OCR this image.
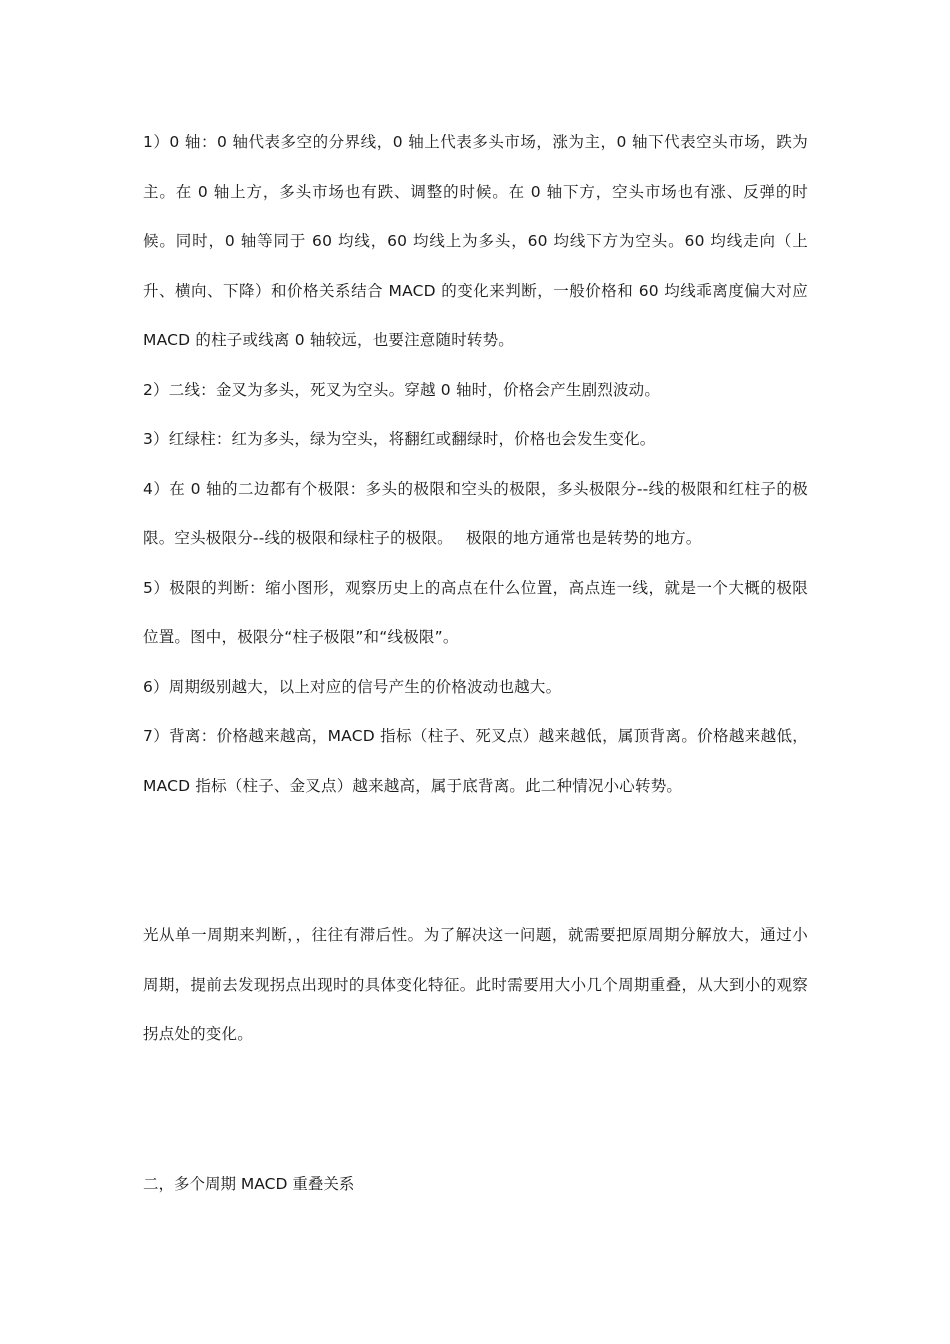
1）0 轴：0 轴代表多空的分界线，0 轴上代表多头市场，涨为主，0 轴下代表空头市场，跌为主。在 0 轴上方，多头市场也有跌、调整的时候。在 0 轴下方，空头市场也有涨、反弹的时候。同时，0 轴等同于 60 均线，60 均线上为多头，60 均线下方为空头。60 均线走向（上升、横向、下降）和价格关系结合 MACD 的变化来判断，一般价格和 60 均线乖离度偏大对应 MACD 的柱子或线离 0 轴较远，也要注意随时转势。

2）二线：金叉为多头，死叉为空头。穿越 0 轴时，价格会产生剧烈波动。

3）红绿柱：红为多头，绿为空头，将翻红或翻绿时，价格也会发生变化。

4）在 0 轴的二边都有个极限：多头的极限和空头的极限，多头极限分--线的极限和红柱子的极限。空头极限分--线的极限和绿柱子的极限。　 极限的地方通常也是转势的地方。

5）极限的判断：缩小图形，观察历史上的高点在什么位置，高点连一线，就是一个大概的极限位置。图中，极限分“柱子极限”和“线极限”。

6）周期级别越大，以上对应的信号产生的价格波动也越大。

7）背离：价格越来越高，MACD 指标（柱子、死叉点）越来越低，属顶背离。价格越来越低，MACD 指标（柱子、金叉点）越来越高，属于底背离。此二种情况小心转势。

光从单一周期来判断，，往往有滞后性。为了解决这一问题，就需要把原周期分解放大，通过小周期，提前去发现拐点出现时的具体变化特征。此时需要用大小几个周期重叠，从大到小的观察拐点处的变化。

二，多个周期 MACD 重叠关系
